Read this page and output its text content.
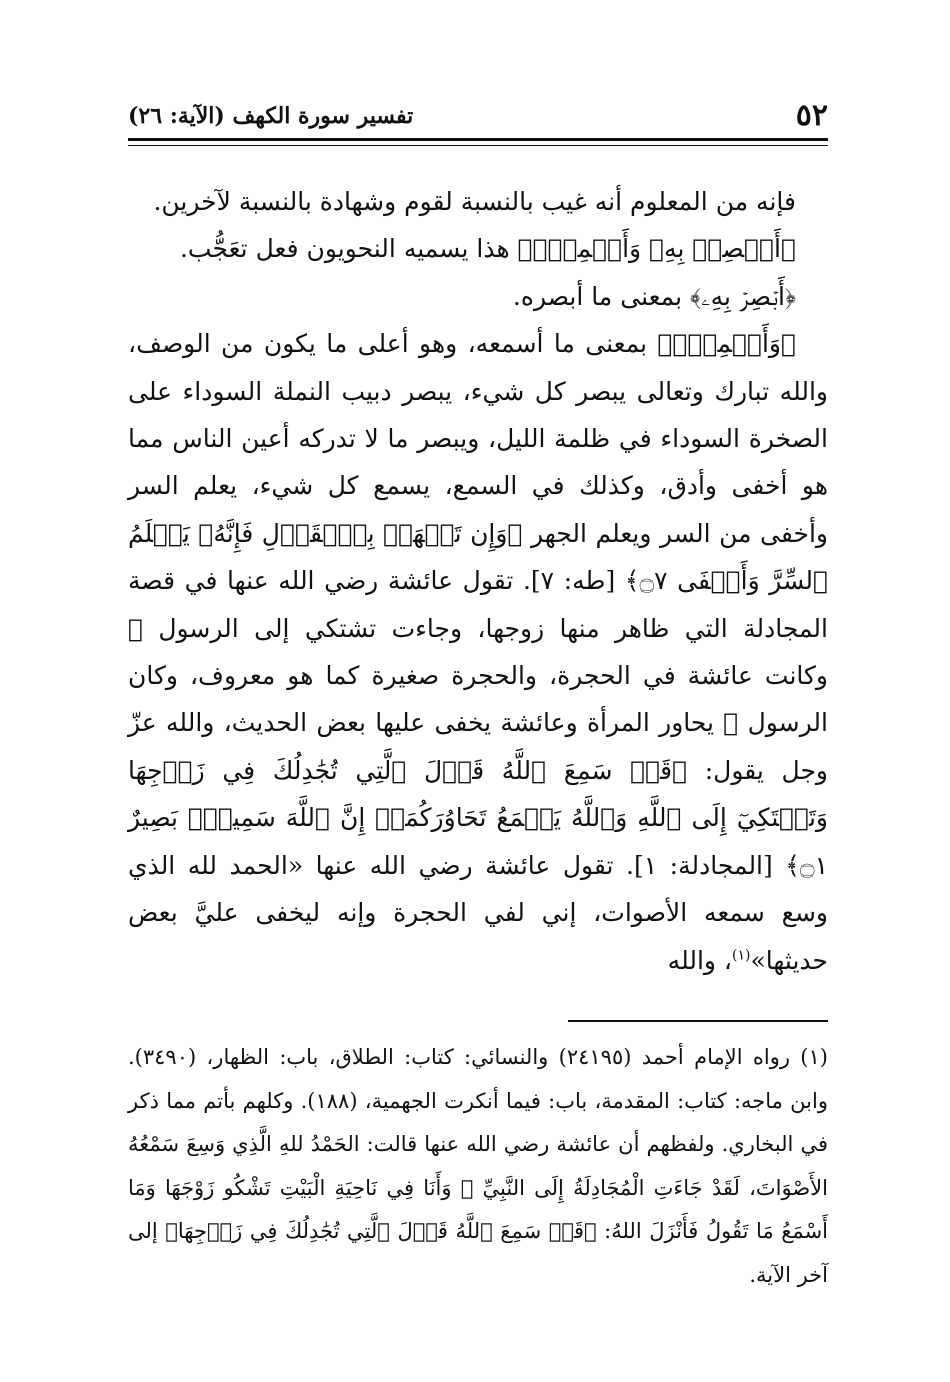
٥٢
تفسير سورة الكهف (الآية: ٢٦)

فإنه من المعلوم أنه غيب بالنسبة لقوم وشهادة بالنسبة لآخرين.

﴿أَبۡصِرۡ بِهِۦ وَأَسۡمِعۡۚ﴾ هذا يسميه النحويون فعل تعَجُّب.

﴿أَبۡصِرۡ بِهِۦ﴾ بمعنى ما أبصره.

﴿وَأَسۡمِعۡۚ﴾ بمعنى ما أسمعه، وهو أعلى ما يكون من الوصف، والله تبارك وتعالى يبصر كل شيء، يبصر دبيب النملة السوداء على الصخرة السوداء في ظلمة الليل، ويبصر ما لا تدركه أعين الناس مما هو أخفى وأدق، وكذلك في السمع، يسمع كل شيء، يعلم السر وأخفى من السر ويعلم الجهر ﴿وَإِن تَجۡهَرۡ بِٱلۡقَوۡلِ فَإِنَّهُۥ يَعۡلَمُ ٱلسِّرَّ وَأَخۡفَى ۝٧﴾ [طه: ٧]. تقول عائشة رضي الله عنها في قصة المجادلة التي ظاهر منها زوجها، وجاءت تشتكي إلى الرسول ﷺ وكانت عائشة في الحجرة، والحجرة صغيرة كما هو معروف، وكان الرسول ﷺ يحاور المرأة وعائشة يخفى عليها بعض الحديث، والله عزّ وجل يقول: ﴿قَدۡ سَمِعَ ٱللَّهُ قَوۡلَ ٱلَّتِي تُجَٰدِلُكَ فِي زَوۡجِهَا وَتَشۡتَكِيٓ إِلَى ٱللَّهِ وَٱللَّهُ يَسۡمَعُ تَحَاوُرَكُمَآۚ إِنَّ ٱللَّهَ سَمِيعُۢ بَصِيرٌ ۝١﴾ [المجادلة: ١]. تقول عائشة رضي الله عنها «الحمد لله الذي وسع سمعه الأصوات، إني لفي الحجرة وإنه ليخفى عليَّ بعض حديثها»$^{(١)}$، والله

(١) رواه الإمام أحمد (٢٤١٩٥) والنسائي: كتاب: الطلاق، باب: الظهار، (٣٤٩٠). وابن ماجه: كتاب: المقدمة، باب: فيما أنكرت الجهمية، (١٨٨). وكلهم بأتم مما ذكر في البخاري. ولفظهم أن عائشة رضي الله عنها قالت: الحَمْدُ للهِ الَّذِي وَسِعَ سَمْعُهُ الأَصْوَاتَ، لَقَدْ جَاءَتِ الْمُجَادِلَةُ إِلَى النَّبِيِّ ﷺ وَأَنَا فِي نَاحِيَةِ الْبَيْتِ تَشْكُو زَوْجَهَا وَمَا أَسْمَعُ مَا تَقُولُ فَأَنْزَلَ اللهُ: ﴿قَدۡ سَمِعَ ٱللَّهُ قَوۡلَ ٱلَّتِي تُجَٰدِلُكَ فِي زَوۡجِهَا﴾ إلى آخر الآية.
